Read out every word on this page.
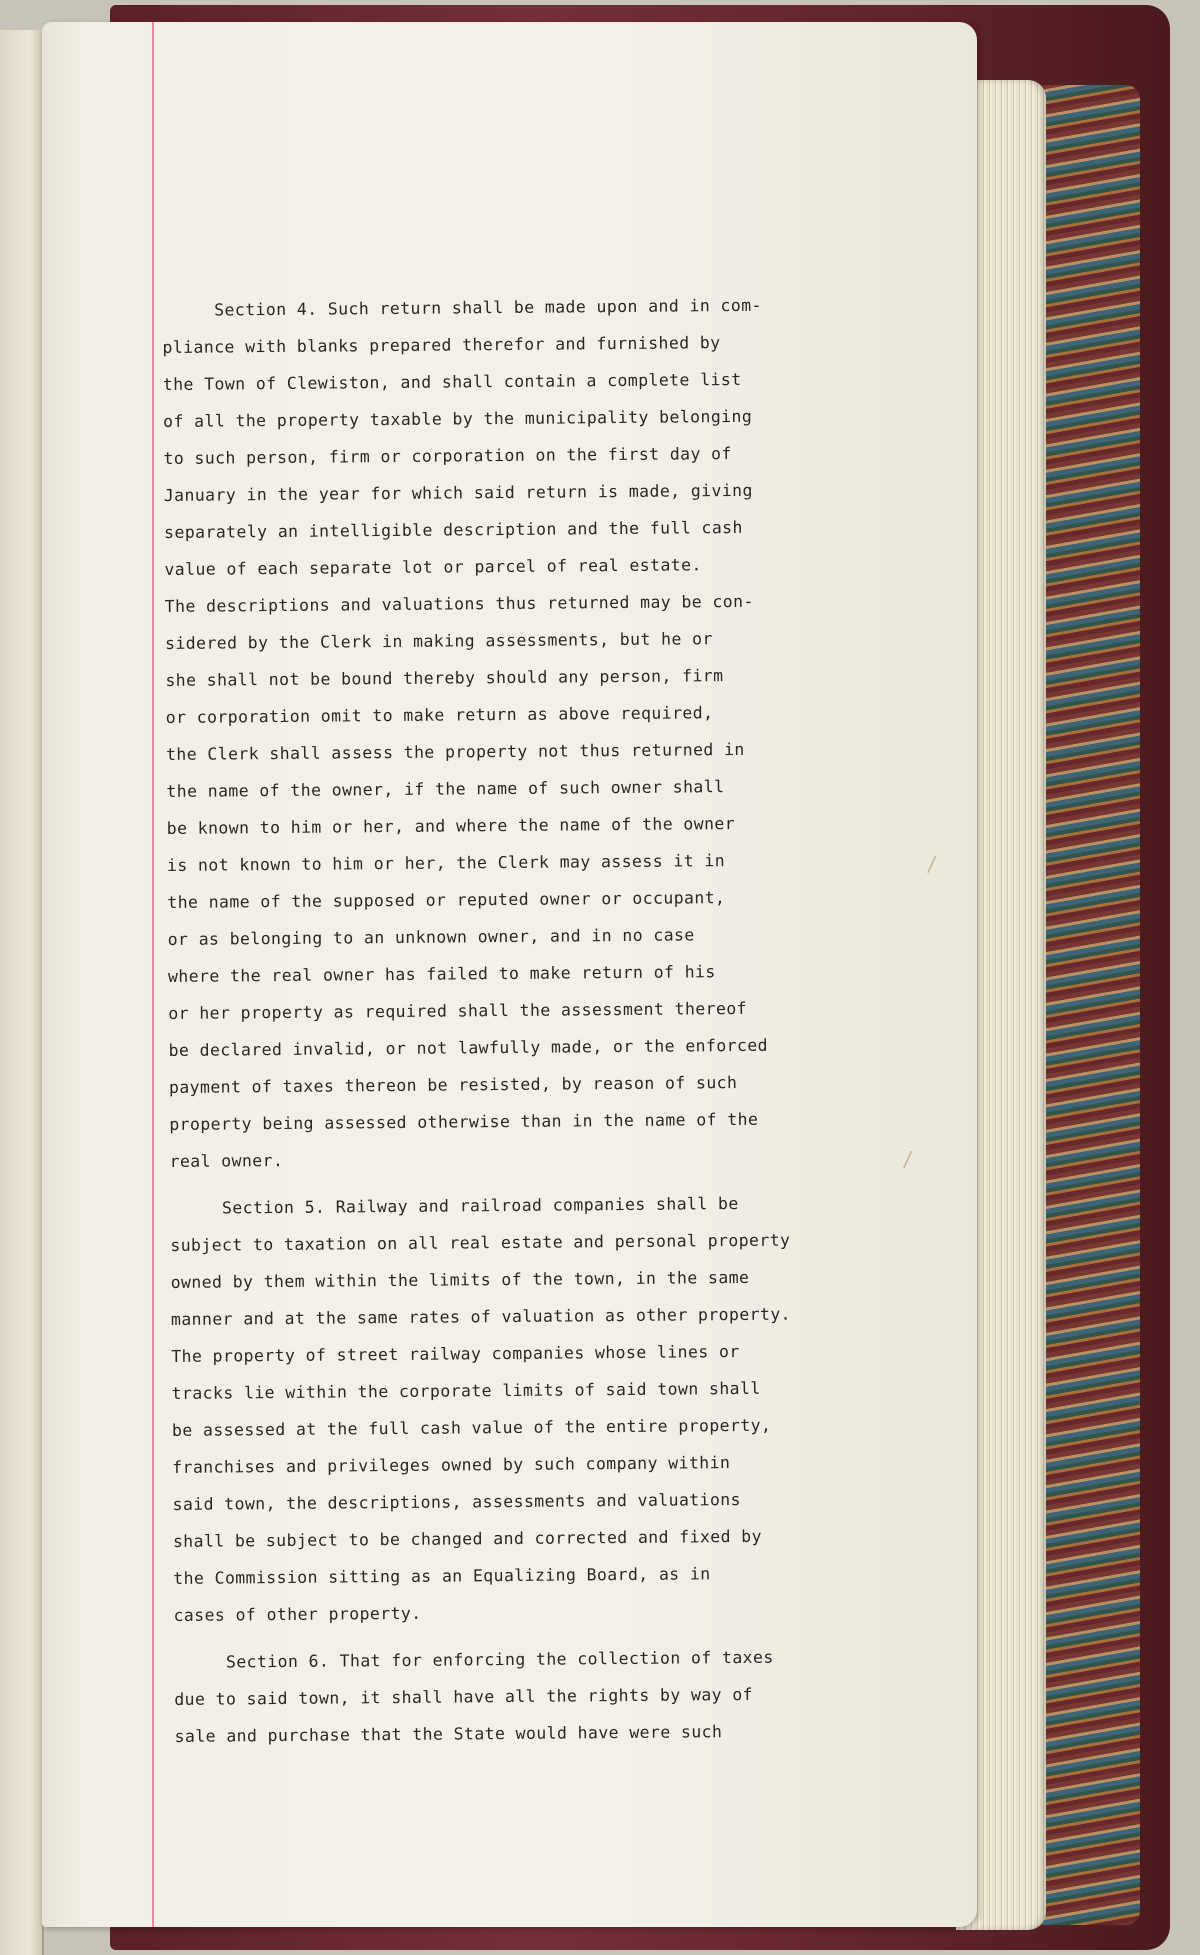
/
/
Section 4. Such return shall be made upon and in com-
pliance with blanks prepared therefor and furnished by
the Town of Clewiston, and shall contain a complete list
of all the property taxable by the municipality belonging
to such person, firm or corporation on the first day of
January in the year for which said return is made, giving
separately an intelligible description and the full cash
value of each separate lot or parcel of real estate.
The descriptions and valuations thus returned may be con-
sidered by the Clerk in making assessments, but he or
she shall not be bound thereby should any person, firm
or corporation omit to make return as above required,
the Clerk shall assess the property not thus returned in
the name of the owner, if the name of such owner shall
be known to him or her, and where the name of the owner
is not known to him or her, the Clerk may assess it in
the name of the supposed or reputed owner or occupant,
or as belonging to an unknown owner, and in no case
where the real owner has failed to make return of his
or her property as required shall the assessment thereof
be declared invalid, or not lawfully made, or the enforced
payment of taxes thereon be resisted, by reason of such
property being assessed otherwise than in the name of the
real owner.
Section 5. Railway and railroad companies shall be
subject to taxation on all real estate and personal property
owned by them within the limits of the town, in the same
manner and at the same rates of valuation as other property.
The property of street railway companies whose lines or
tracks lie within the corporate limits of said town shall
be assessed at the full cash value of the entire property,
franchises and privileges owned by such company within
said town, the descriptions, assessments and valuations
shall be subject to be changed and corrected and fixed by
the Commission sitting as an Equalizing Board, as in
cases of other property.
Section 6. That for enforcing the collection of taxes
due to said town, it shall have all the rights by way of
sale and purchase that the State would have were such
